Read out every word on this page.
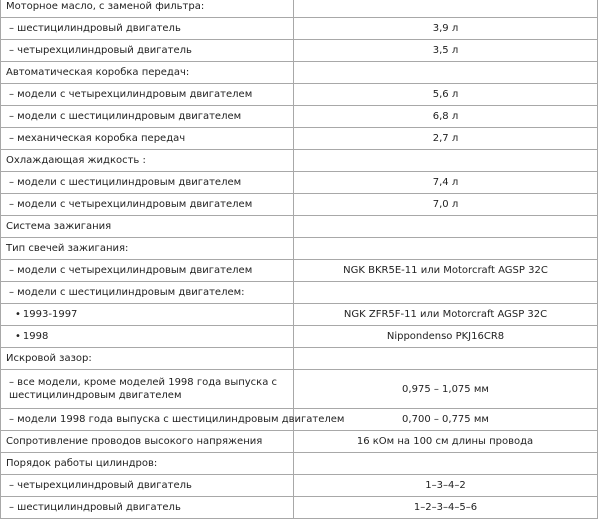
Моторное масло, с заменой фильтра:	
– шестицилиндровый двигатель	3,9 л
– четырехцилиндровый двигатель	3,5 л
Автоматическая коробка передач:	
– модели с четырехцилиндровым двигателем	5,6 л
– модели с шестицилиндровым двигателем	6,8 л
– механическая коробка передач	2,7 л
Охлаждающая жидкость :	
– модели с шестицилиндровым двигателем	7,4 л
– модели с четырехцилиндровым двигателем	7,0 л
Система зажигания	
Тип свечей зажигания:	
– модели с четырехцилиндровым двигателем	NGK BKR5E-11 или Motorcraft AGSP 32C
– модели с шестицилиндровым двигателем:	
• 1993-1997	NGK ZFR5F-11 или Motorcraft AGSP 32C
• 1998	Nippondenso PKJ16CR8
Искровой зазор:	
– все модели, кроме моделей 1998 года выпуска с шестицилиндровым двигателем	0,975 – 1,075 мм
– модели 1998 года выпуска с шестицилиндровым двигателем	0,700 – 0,775 мм
Сопротивление проводов высокого напряжения	16 кОм на 100 см длины провода
Порядок работы цилиндров:	
– четырехцилиндровый двигатель	1–3–4–2
– шестицилиндровый двигатель	1–2–3–4–5–6
